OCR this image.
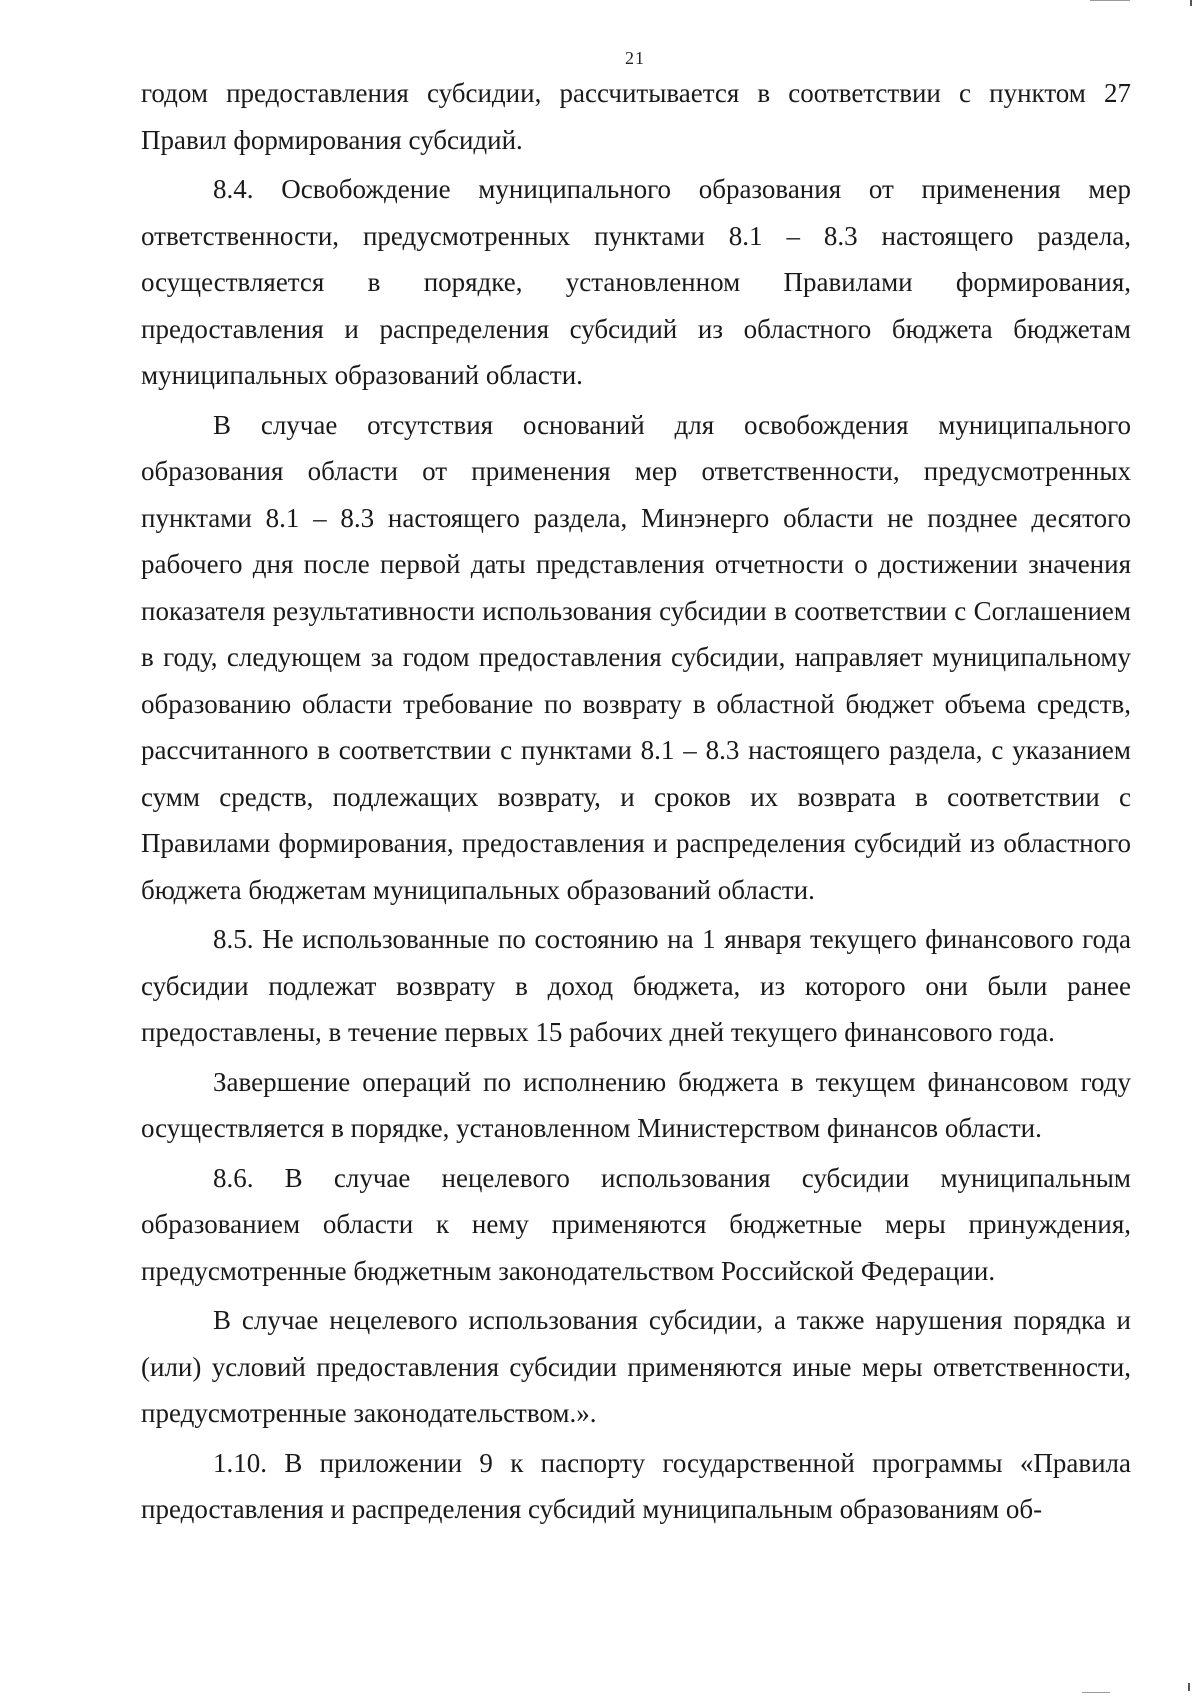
21

годом предоставления субсидии, рассчитывается в соответствии с пунктом 27 Правил формирования субсидий.

8.4. Освобождение муниципального образования от применения мер ответственности, предусмотренных пунктами 8.1 – 8.3 настоящего раздела, осуществляется в порядке, установленном Правилами формирования, предоставления и распределения субсидий из областного бюджета бюджетам муниципальных образований области.

В случае отсутствия оснований для освобождения муниципального образования области от применения мер ответственности, предусмотренных пунктами 8.1 – 8.3 настоящего раздела, Минэнерго области не позднее десятого рабочего дня после первой даты представления отчетности о достижении значения показателя результативности использования субсидии в соответствии с Соглашением в году, следующем за годом предоставления субсидии, направляет муниципальному образованию области требование по возврату в областной бюджет объема средств, рассчитанного в соответствии с пунктами 8.1 – 8.3 настоящего раздела, с указанием сумм средств, подлежащих возврату, и сроков их возврата в соответствии с Правилами формирования, предоставления и распределения субсидий из областного бюджета бюджетам муниципальных образований области.

8.5. Не использованные по состоянию на 1 января текущего финансового года субсидии подлежат возврату в доход бюджета, из которого они были ранее предоставлены, в течение первых 15 рабочих дней текущего финансового года.

Завершение операций по исполнению бюджета в текущем финансовом году осуществляется в порядке, установленном Министерством финансов области.

8.6. В случае нецелевого использования субсидии муниципальным образованием области к нему применяются бюджетные меры принуждения, предусмотренные бюджетным законодательством Российской Федерации.

В случае нецелевого использования субсидии, а также нарушения порядка и (или) условий предоставления субсидии применяются иные меры ответственности, предусмотренные законодательством.».

1.10. В приложении 9 к паспорту государственной программы «Правила предоставления и распределения субсидий муниципальным образованиям об-
